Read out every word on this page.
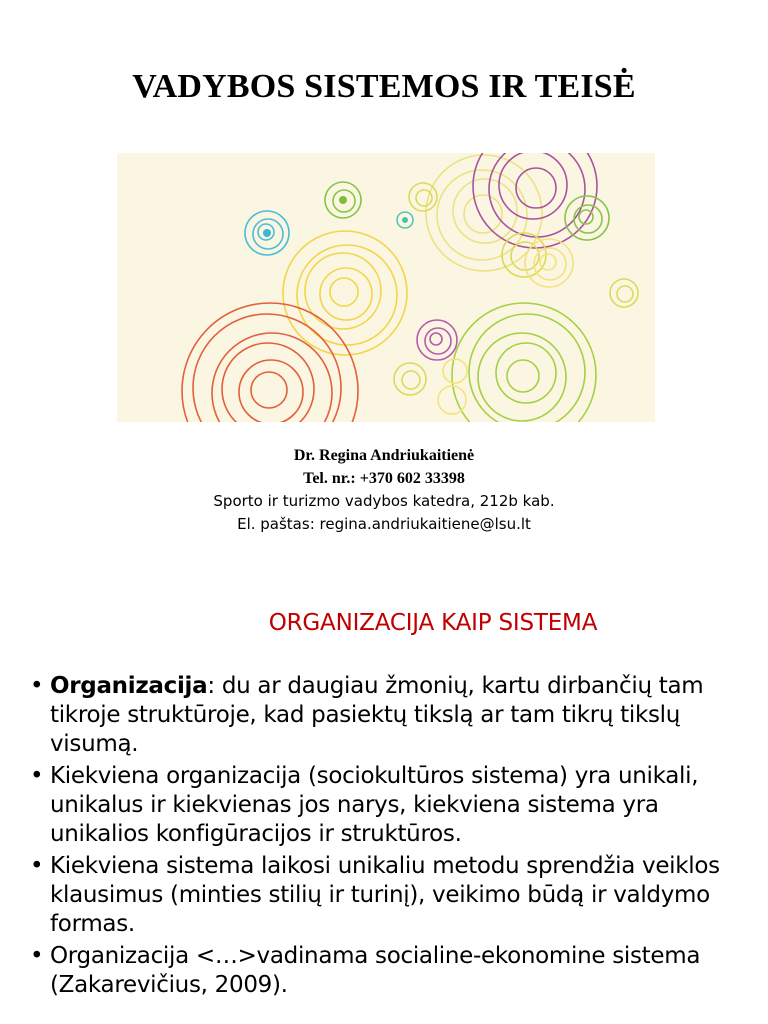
VADYBOS SISTEMOS IR TEISĖ
Dr. Regina Andriukaitienė
Tel. nr.: +370 602 33398
Sporto ir turizmo vadybos katedra, 212b kab.
El. paštas: regina.andriukaitiene@lsu.lt
ORGANIZACIJA KAIP SISTEMA
• Organizacija: du ar daugiau žmonių, kartu dirbančių tam tikroje struktūroje, kad pasiektų tikslą ar tam tikrų tikslų visumą.
• Kiekviena organizacija (sociokultūros sistema) yra unikali, unikalus ir kiekvienas jos narys, kiekviena sistema yra unikalios konfigūracijos ir struktūros.
• Kiekviena sistema laikosi unikaliu metodu sprendžia veiklos klausimus (minties stilių ir turinį), veikimo būdą ir valdymo formas.
• Organizacija <…>vadinama socialine-ekonomine sistema (Zakarevičius, 2009).
